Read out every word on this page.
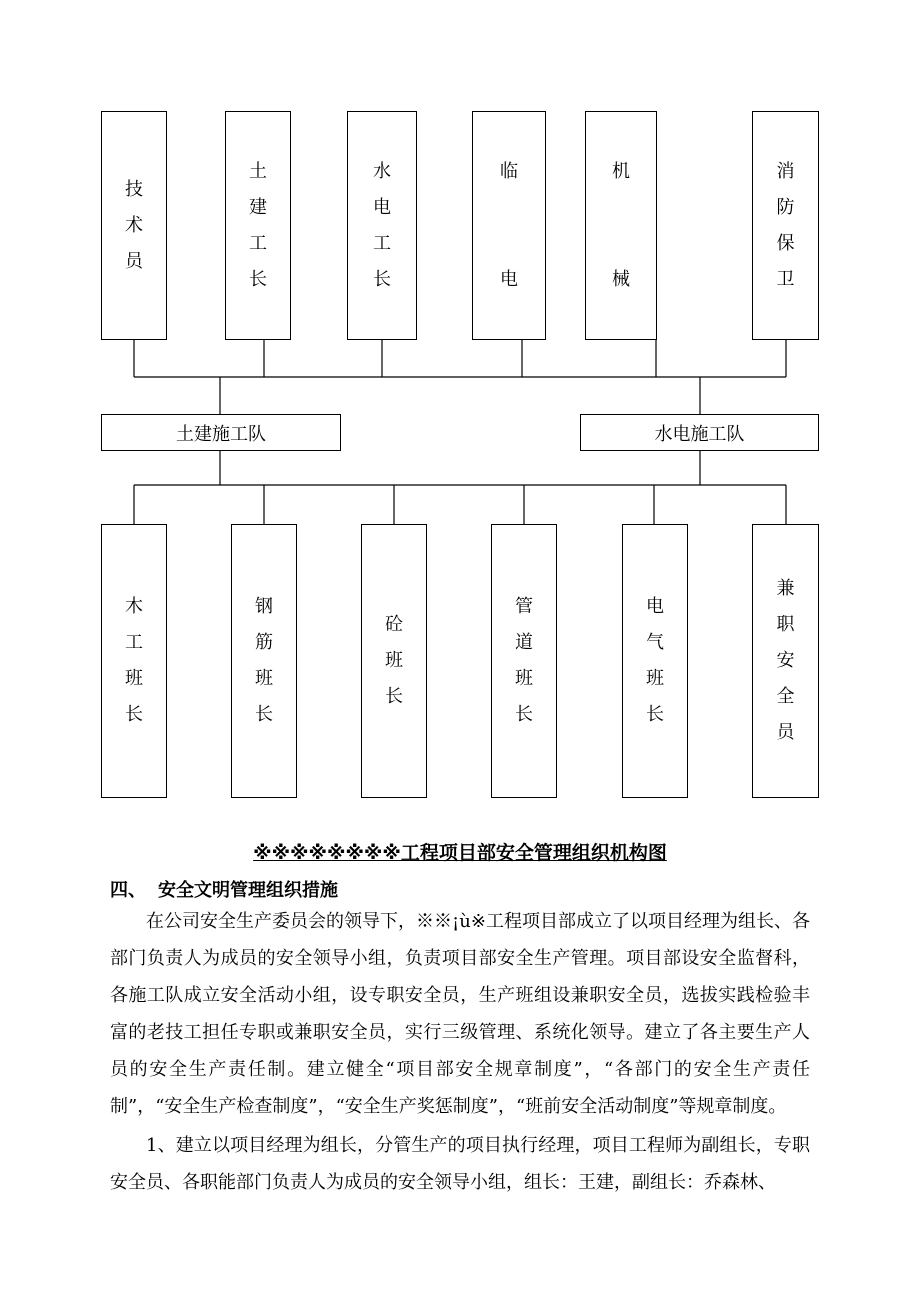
技术员
土建工长
水电工长
临电
机械
消防保卫
土建施工队	水电施工队
木工班长
钢筋班长
砼班长
管道班长
电气班长
兼职安全员
※※※※※※※※工程项目部安全管理组织机构图
四、 安全文明管理组织措施

在公司安全生产委员会的领导下，※※¡ù※工程项目部成立了以项目经理为组长、各部门负责人为成员的安全领导小组，负责项目部安全生产管理。项目部设安全监督科，各施工队成立安全活动小组，设专职安全员，生产班组设兼职安全员，选拔实践检验丰富的老技工担任专职或兼职安全员，实行三级管理、系统化领导。建立了各主要生产人员的安全生产责任制。建立健全“项目部安全规章制度”，“各部门的安全生产责任制”，“安全生产检查制度”，“安全生产奖惩制度”，“班前安全活动制度”等规章制度。

1、建立以项目经理为组长，分管生产的项目执行经理，项目工程师为副组长，专职安全员、各职能部门负责人为成员的安全领导小组，组长：王建，副组长：乔森林、
